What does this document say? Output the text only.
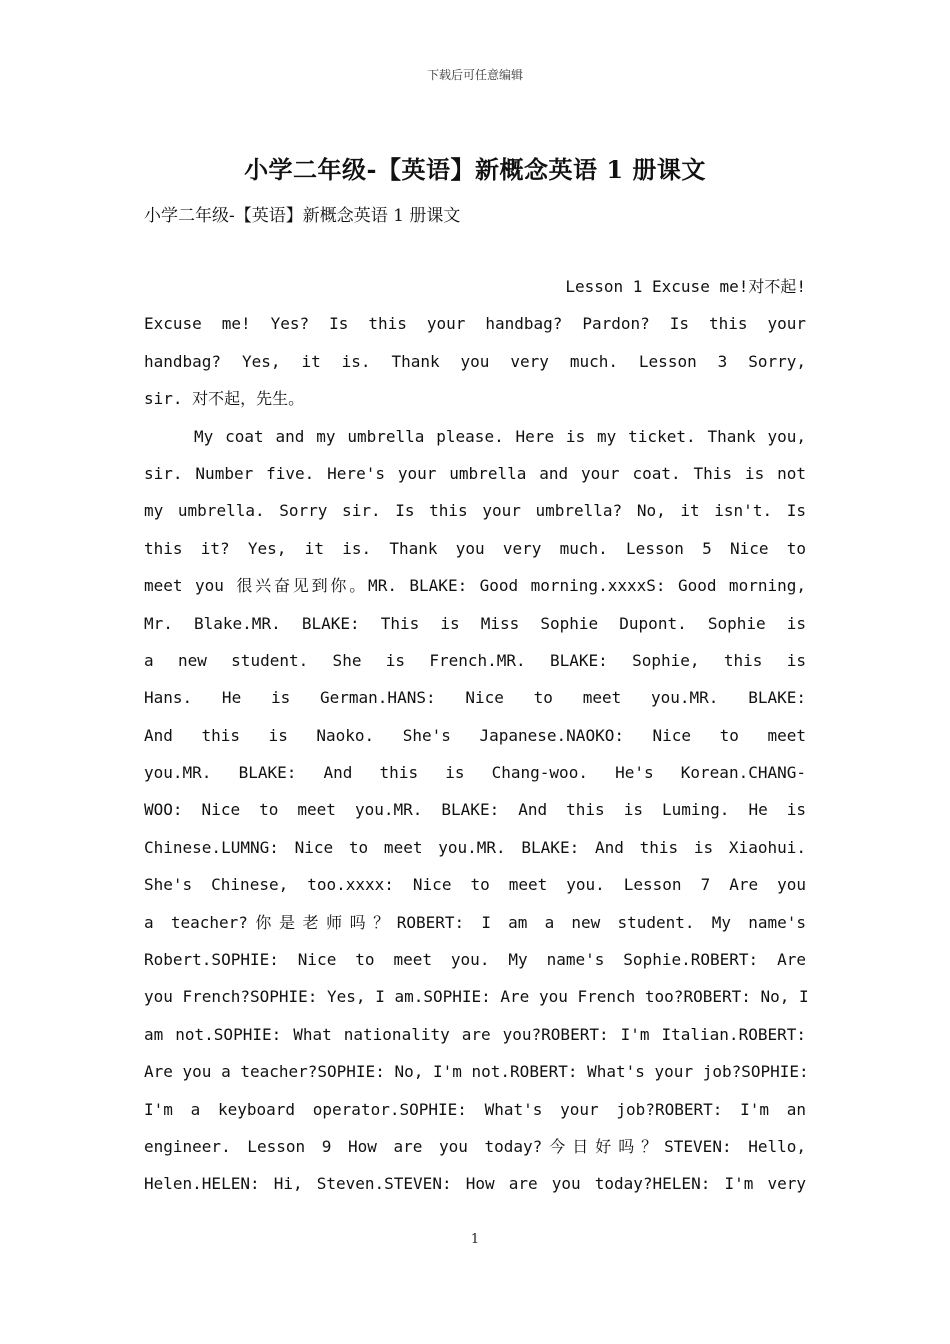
下载后可任意编辑
小学二年级-【英语】新概念英语 1 册课文
小学二年级-【英语】新概念英语 1 册课文
Lesson 1 Excuse me!对不起!
Excuse me! Yes? Is this your handbag? Pardon? Is this your
handbag? Yes, it is. Thank you very much. Lesson 3 Sorry,
sir. 对不起，先生。
My coat and my umbrella please. Here is my ticket. Thank you,
sir. Number five. Here's your umbrella and your coat. This is not
my umbrella. Sorry sir. Is this your umbrella? No, it isn't. Is
this it? Yes, it is. Thank you very much. Lesson 5 Nice to
meet you 很兴奋见到你。MR. BLAKE: Good morning.xxxxS: Good morning,
Mr. Blake.MR. BLAKE: This is Miss Sophie Dupont. Sophie is
a new student. She is French.MR. BLAKE: Sophie, this is
Hans. He is German.HANS: Nice to meet you.MR. BLAKE:
And this is Naoko. She's Japanese.NAOKO: Nice to meet
you.MR. BLAKE: And this is Chang-woo. He's Korean.CHANG-
WOO: Nice to meet you.MR. BLAKE: And this is Luming. He is
Chinese.LUMNG: Nice to meet you.MR. BLAKE: And this is Xiaohui.
She's Chinese, too.xxxx: Nice to meet you. Lesson 7 Are you
a teacher?你是老师吗？ROBERT: I am a new student. My name's
Robert.SOPHIE: Nice to meet you. My name's Sophie.ROBERT: Are
you French?SOPHIE: Yes, I am.SOPHIE: Are you French too?ROBERT: No, I
am not.SOPHIE: What nationality are you?ROBERT: I'm Italian.ROBERT:
Are you a teacher?SOPHIE: No, I'm not.ROBERT: What's your job?SOPHIE:
I'm a keyboard operator.SOPHIE: What's your job?ROBERT: I'm an
engineer. Lesson 9 How are you today?今日好吗？STEVEN: Hello,
Helen.HELEN: Hi, Steven.STEVEN: How are you today?HELEN: I'm very
1
